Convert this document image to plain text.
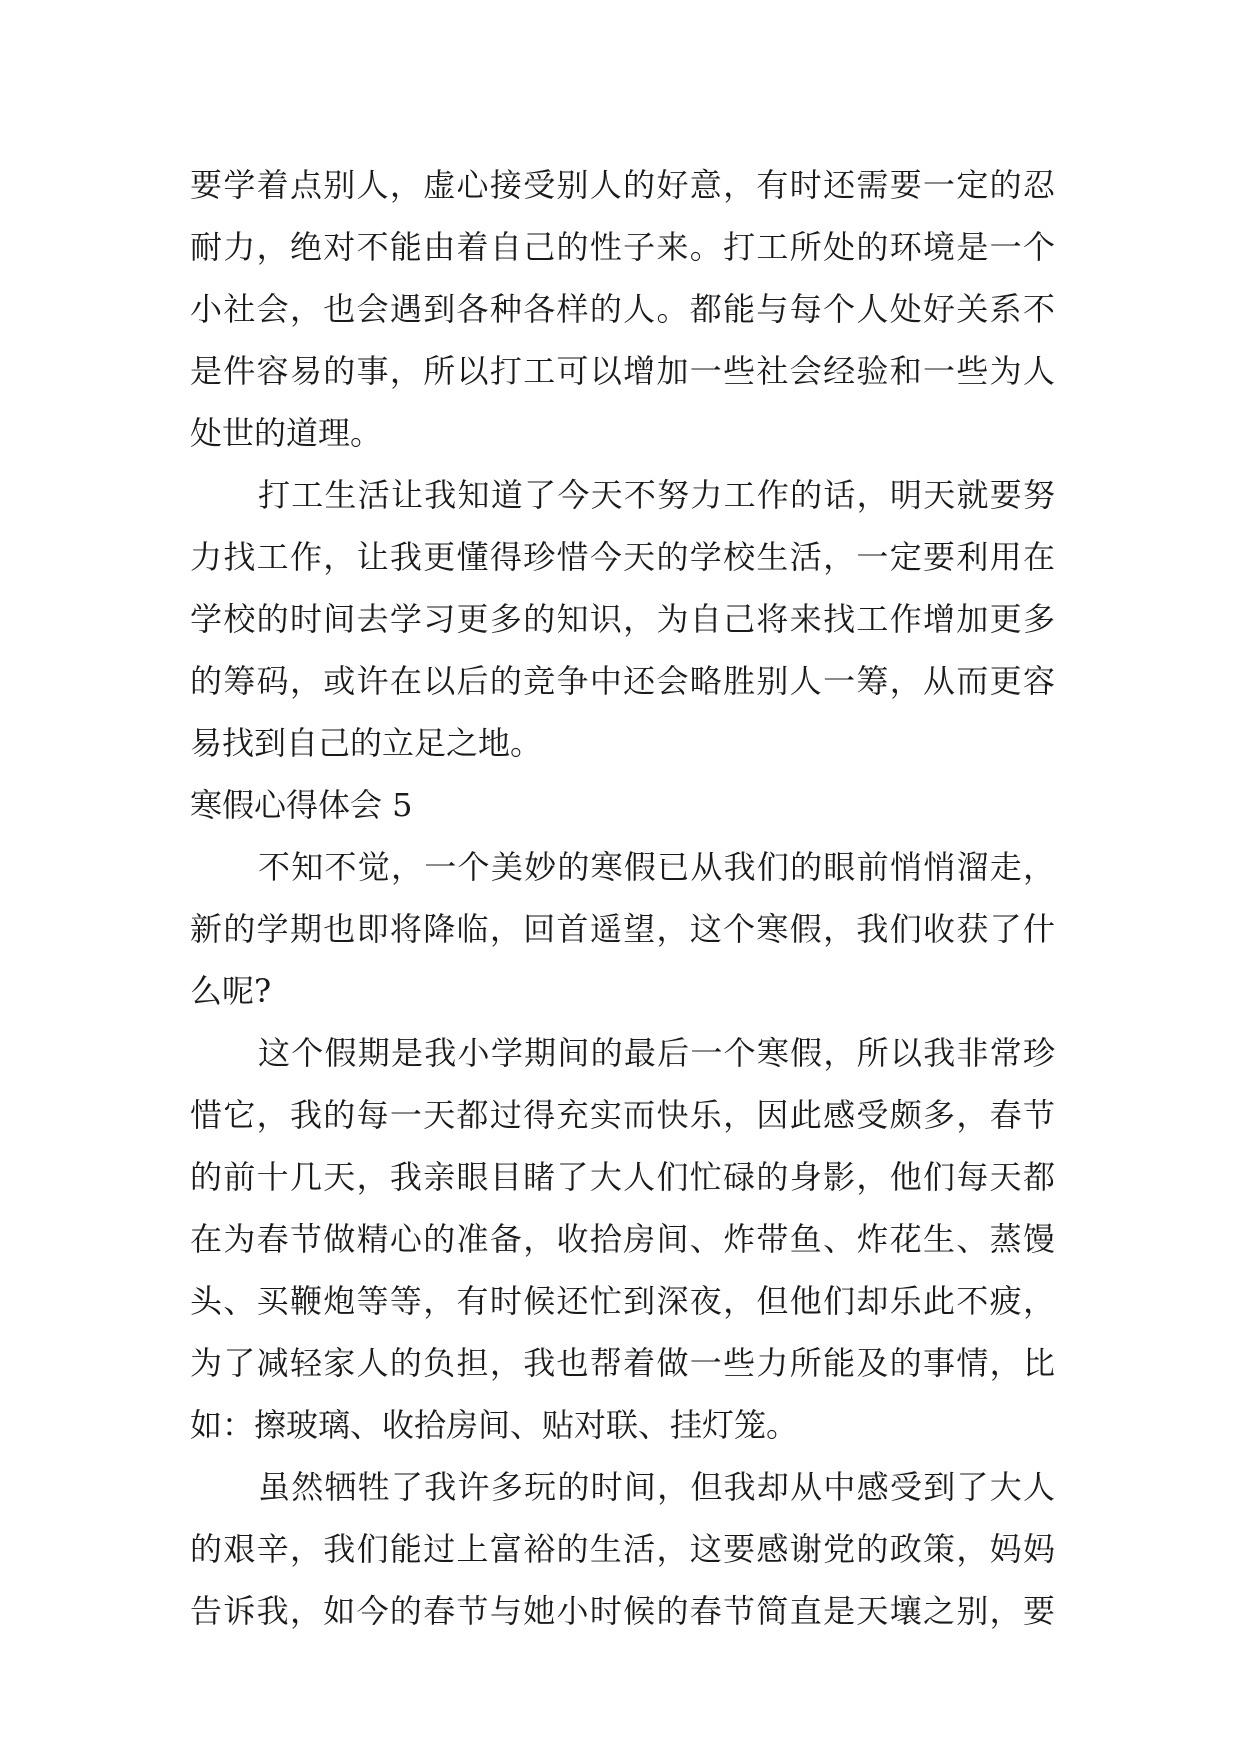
要学着点别人，虚心接受别人的好意，有时还需要一定的忍
耐力，绝对不能由着自己的性子来。打工所处的环境是一个
小社会，也会遇到各种各样的人。都能与每个人处好关系不
是件容易的事，所以打工可以增加一些社会经验和一些为人
处世的道理。
打工生活让我知道了今天不努力工作的话，明天就要努
力找工作，让我更懂得珍惜今天的学校生活，一定要利用在
学校的时间去学习更多的知识，为自己将来找工作增加更多
的筹码，或许在以后的竞争中还会略胜别人一筹，从而更容
易找到自己的立足之地。
寒假心得体会 5
不知不觉，一个美妙的寒假已从我们的眼前悄悄溜走，
新的学期也即将降临，回首遥望，这个寒假，我们收获了什
么呢?
这个假期是我小学期间的最后一个寒假，所以我非常珍
惜它，我的每一天都过得充实而快乐，因此感受颇多，春节
的前十几天，我亲眼目睹了大人们忙碌的身影，他们每天都
在为春节做精心的准备，收拾房间、炸带鱼、炸花生、蒸馒
头、买鞭炮等等，有时候还忙到深夜，但他们却乐此不疲，
为了减轻家人的负担，我也帮着做一些力所能及的事情，比
如：擦玻璃、收拾房间、贴对联、挂灯笼。
虽然牺牲了我许多玩的时间，但我却从中感受到了大人
的艰辛，我们能过上富裕的生活，这要感谢党的政策，妈妈
告诉我，如今的春节与她小时候的春节简直是天壤之别，要
